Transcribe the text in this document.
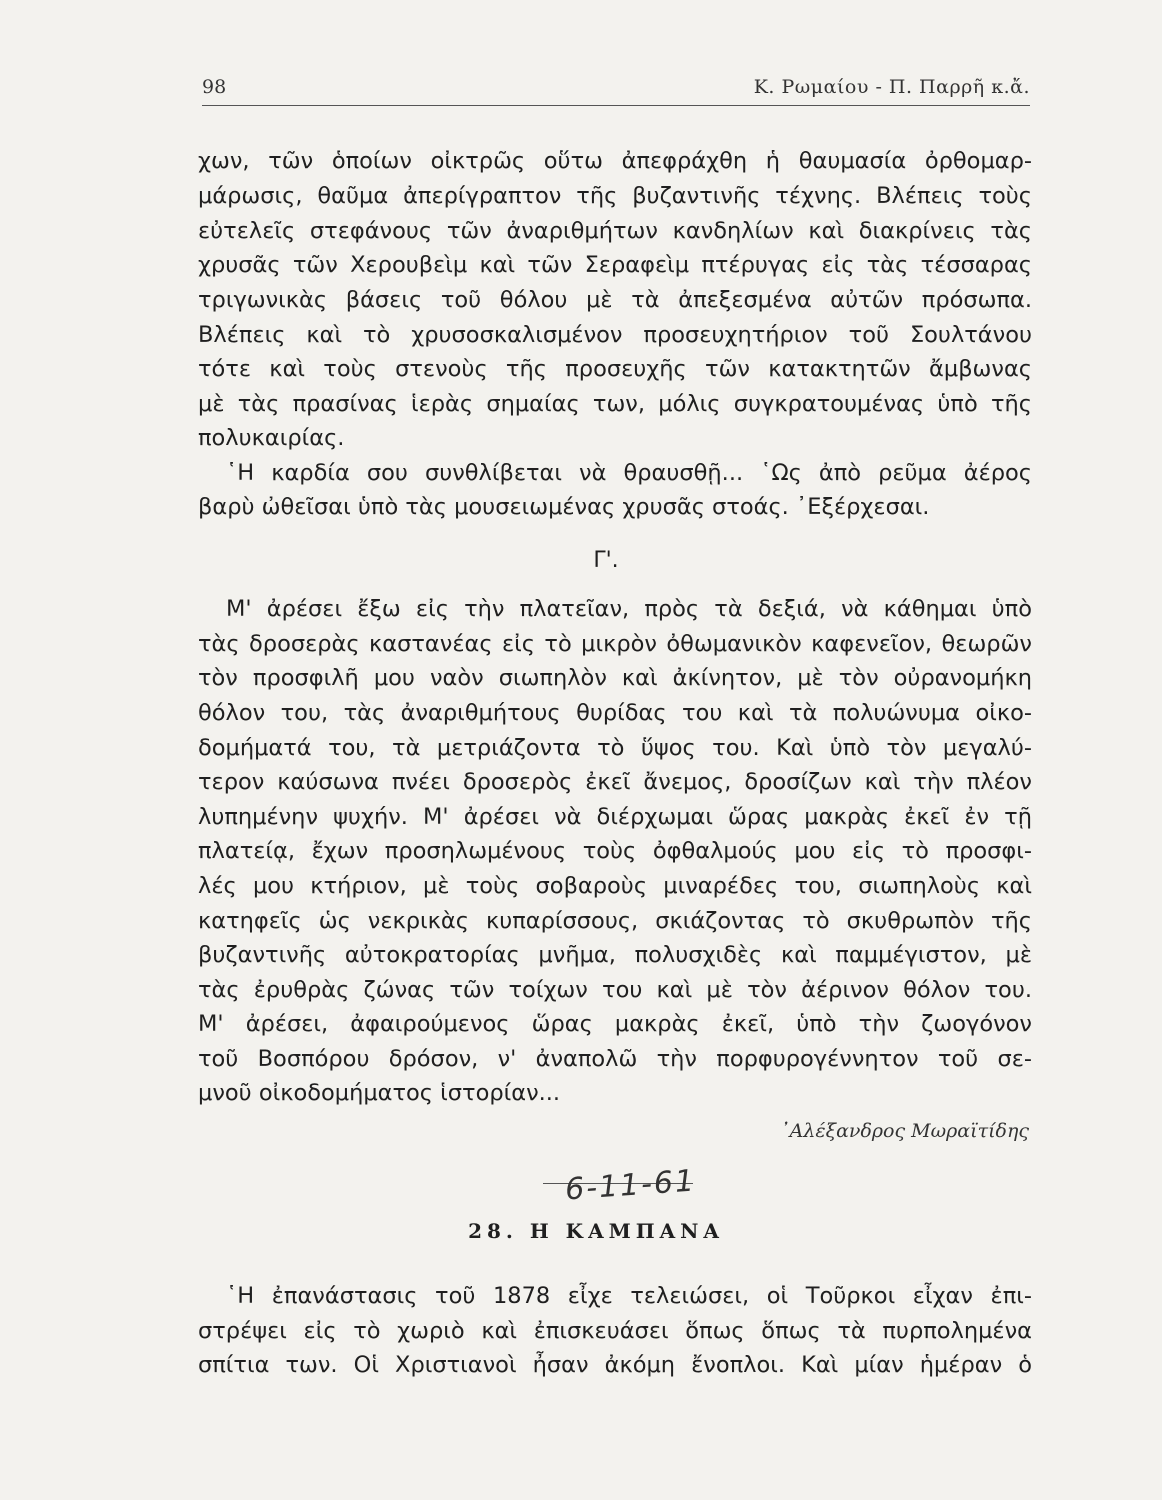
98	Κ. Ρωμαίου - Π. Παρρῆ κ.ἄ.
χων, τῶν ὁποίων οἰκτρῶς οὕτω ἀπεφράχθη ἡ θαυμασία ὀρθομαρ-
μάρωσις, θαῦμα ἀπερίγραπτον τῆς βυζαντινῆς τέχνης. Βλέπεις τοὺς
εὐτελεῖς στεφάνους τῶν ἀναριθμήτων κανδηλίων καὶ διακρίνεις τὰς
χρυσᾶς τῶν Χερουβεὶμ καὶ τῶν Σεραφεὶμ πτέρυγας εἰς τὰς τέσσαρας
τριγωνικὰς βάσεις τοῦ θόλου μὲ τὰ ἀπεξεσμένα αὐτῶν πρόσωπα.
Βλέπεις καὶ τὸ χρυσοσκαλισμένον προσευχητήριον τοῦ Σουλτάνου
τότε καὶ τοὺς στενοὺς τῆς προσευχῆς τῶν κατακτητῶν ἄμβωνας
μὲ τὰς πρασίνας ἱερὰς σημαίας των, μόλις συγκρατουμένας ὑπὸ τῆς
πολυκαιρίας.
῾Η καρδία σου συνθλίβεται νὰ θραυσθῇ... ῾Ως ἀπὸ ρεῦμα ἀέρος
βαρὺ ὠθεῖσαι ὑπὸ τὰς μουσειωμένας χρυσᾶς στοάς. ᾿Εξέρχεσαι.
Γ'.
Μ' ἀρέσει ἔξω εἰς τὴν πλατεῖαν, πρὸς τὰ δεξιά, νὰ κάθημαι ὑπὸ
τὰς δροσερὰς καστανέας εἰς τὸ μικρὸν ὀθωμανικὸν καφενεῖον, θεωρῶν
τὸν προσφιλῆ μου ναὸν σιωπηλὸν καὶ ἀκίνητον, μὲ τὸν οὐρανομήκη
θόλον του, τὰς ἀναριθμήτους θυρίδας του καὶ τὰ πολυώνυμα οἰκο-
δομήματά του, τὰ μετριάζοντα τὸ ὕψος του. Καὶ ὑπὸ τὸν μεγαλύ-
τερον καύσωνα πνέει δροσερὸς ἐκεῖ ἄνεμος, δροσίζων καὶ τὴν πλέον
λυπημένην ψυχήν. Μ' ἀρέσει νὰ διέρχωμαι ὥρας μακρὰς ἐκεῖ ἐν τῇ
πλατείᾳ, ἔχων προσηλωμένους τοὺς ὀφθαλμούς μου εἰς τὸ προσφι-
λές μου κτήριον, μὲ τοὺς σοβαροὺς μιναρέδες του, σιωπηλοὺς καὶ
κατηφεῖς ὡς νεκρικὰς κυπαρίσσους, σκιάζοντας τὸ σκυθρωπὸν τῆς
βυζαντινῆς αὐτοκρατορίας μνῆμα, πολυσχιδὲς καὶ παμμέγιστον, μὲ
τὰς ἐρυθρὰς ζώνας τῶν τοίχων του καὶ μὲ τὸν ἀέρινον θόλον του.
Μ' ἀρέσει, ἀφαιρούμενος ὥρας μακρὰς ἐκεῖ, ὑπὸ τὴν ζωογόνον
τοῦ Βοσπόρου δρόσον, ν' ἀναπολῶ τὴν πορφυρογέννητον τοῦ σε-
μνοῦ οἰκοδομήματος ἱστορίαν...
᾿Αλέξανδρος Μωραϊτίδης
6-11-61
28. Η ΚΑΜΠΑΝΑ
῾Η ἐπανάστασις τοῦ 1878 εἶχε τελειώσει, οἱ Τοῦρκοι εἶχαν ἐπι-
στρέψει εἰς τὸ χωριὸ καὶ ἐπισκευάσει ὅπως ὅπως τὰ πυρποληµένα
σπίτια των. Οἱ Χριστιανοὶ ἦσαν ἀκόμη ἔνοπλοι. Καὶ μίαν ἡμέραν ὁ
